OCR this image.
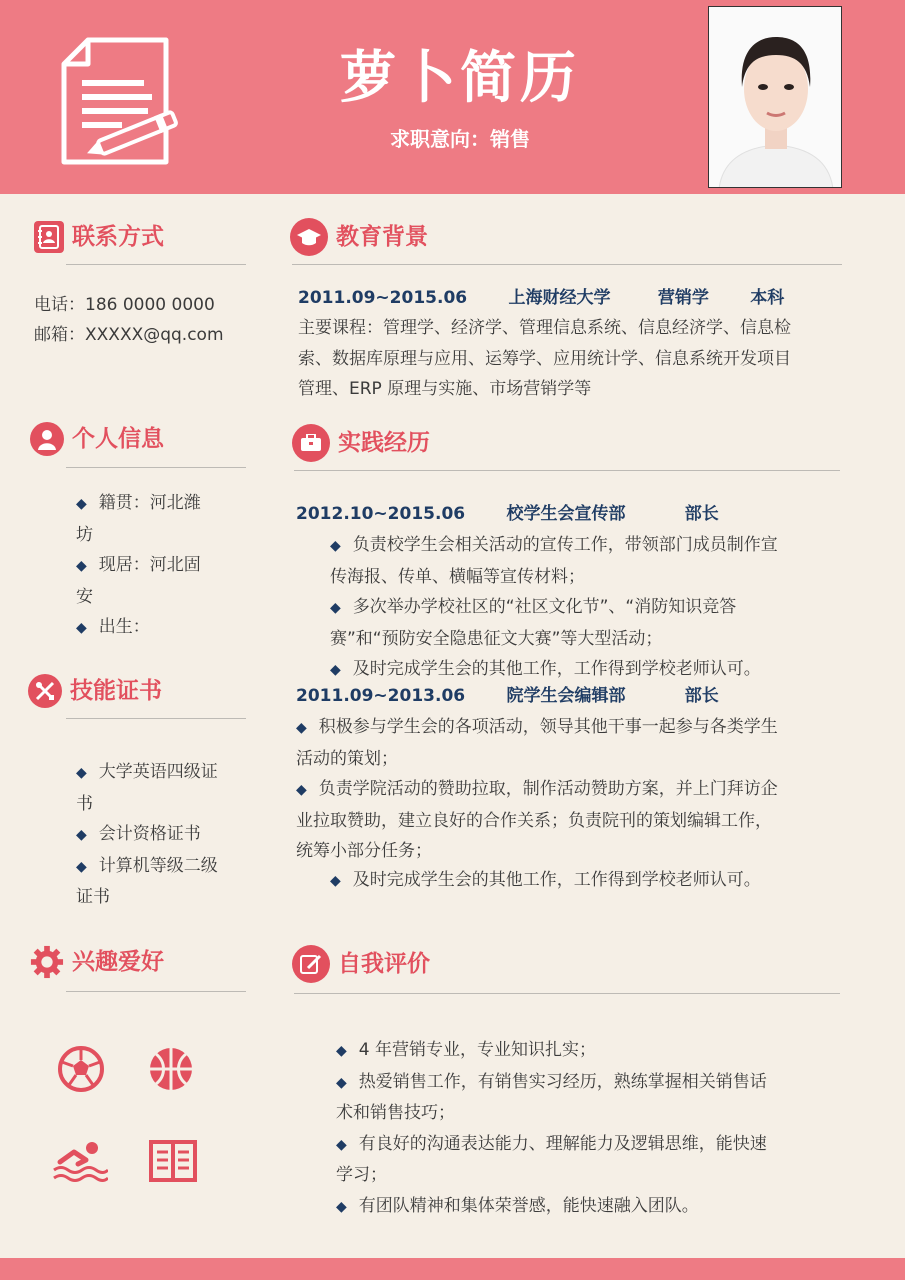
萝卜简历
求职意向：销售
联系方式
电话：186 0000 0000
邮箱：XXXXX@qq.com
个人信息
◆ 籍贯：河北潍
坊
◆ 现居：河北固
安
◆ 出生：
技能证书
◆ 大学英语四级证
书
◆ 会计资格证书
◆ 计算机等级二级
证书
兴趣爱好
教育背景
2011.09~2015.06       上海财经大学        营销学       本科
主要课程：管理学、经济学、管理信息系统、信息经济学、信息检
索、数据库原理与应用、运筹学、应用统计学、信息系统开发项目
管理、ERP 原理与实施、市场营销学等
实践经历
2012.10~2015.06       校学生会宣传部          部长
◆ 负责校学生会相关活动的宣传工作，带领部门成员制作宣
传海报、传单、横幅等宣传材料；
◆ 多次举办学校社区的“社区文化节”、“消防知识竞答
赛”和“预防安全隐患征文大赛”等大型活动；
◆ 及时完成学生会的其他工作，工作得到学校老师认可。
2011.09~2013.06       院学生会编辑部          部长
◆ 积极参与学生会的各项活动，领导其他干事一起参与各类学生
活动的策划；
◆ 负责学院活动的赞助拉取，制作活动赞助方案，并上门拜访企
业拉取赞助，建立良好的合作关系；负责院刊的策划编辑工作，
统筹小部分任务；
◆ 及时完成学生会的其他工作，工作得到学校老师认可。
自我评价
◆ 4 年营销专业，专业知识扎实；
◆ 热爱销售工作，有销售实习经历，熟练掌握相关销售话
术和销售技巧；
◆ 有良好的沟通表达能力、理解能力及逻辑思维，能快速
学习；
◆ 有团队精神和集体荣誉感，能快速融入团队。
